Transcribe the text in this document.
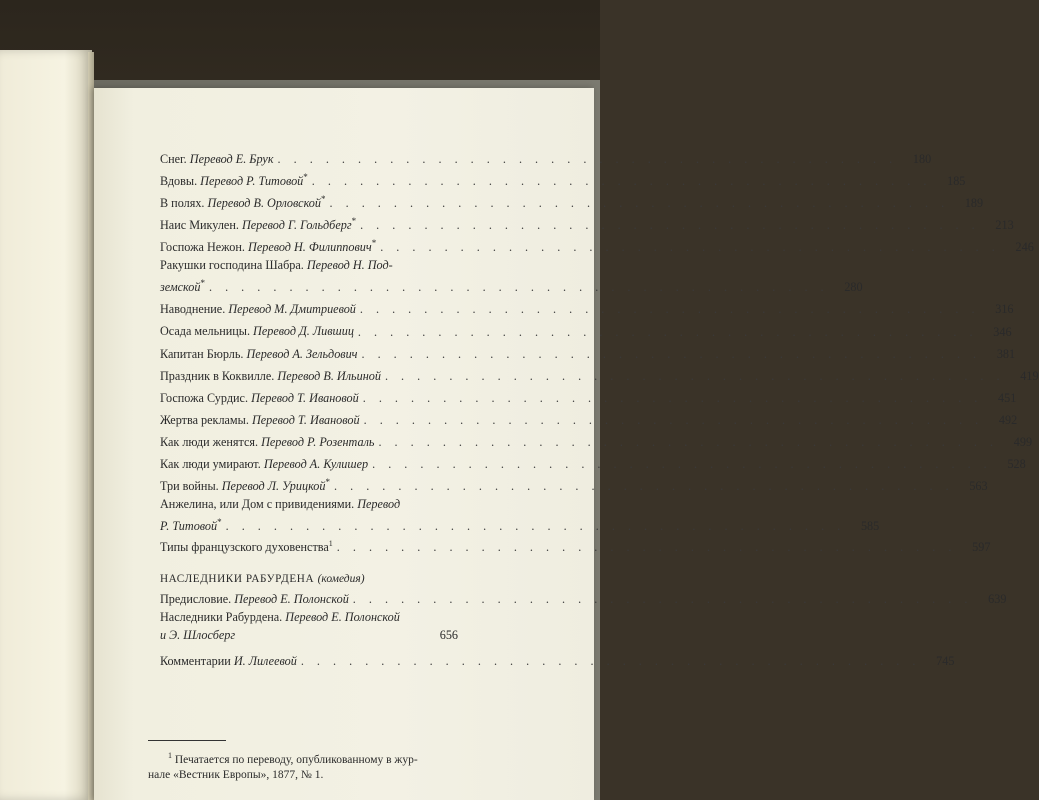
Снег. Перевод Е. Брук . . . . . . . . . . . . . . . . . . . . . . . . . . . . . . . . . . . . . . .	180
Вдовы. Перевод Р. Титовой* . . . . . . . . . . . . . . . . . . . . . . . . . . . . . . . . . . . . . . .	185
В полях. Перевод В. Орловской* . . . . . . . . . . . . . . . . . . . . . . . . . . . . . . . . . . . . . . .	189
Наис Микулен. Перевод Г. Гольдберг* . . . . . . . . . . . . . . . . . . . . . . . . . . . . . . . . . . . . . . .	213
Госпожа Нежон. Перевод Н. Филиппович* . . . . . . . . . . . . . . . . . . . . . . . . . . . . . . . . . . . . . . .	246
Ракушки господина Шабра. Перевод Н. Под-
земской* . . . . . . . . . . . . . . . . . . . . . . . . . . . . . . . . . . . . . . .	280
Наводнение. Перевод М. Дмитриевой . . . . . . . . . . . . . . . . . . . . . . . . . . . . . . . . . . . . . . .	316
Осада мельницы. Перевод Д. Лившиц . . . . . . . . . . . . . . . . . . . . . . . . . . . . . . . . . . . . . . .	346
Капитан Бюрль. Перевод А. Зельдович . . . . . . . . . . . . . . . . . . . . . . . . . . . . . . . . . . . . . . .	381
Праздник в Коквилле. Перевод В. Ильиной . . . . . . . . . . . . . . . . . . . . . . . . . . . . . . . . . . . . . . .	419
Госпожа Сурдис. Перевод Т. Ивановой . . . . . . . . . . . . . . . . . . . . . . . . . . . . . . . . . . . . . . .	451
Жертва рекламы. Перевод Т. Ивановой . . . . . . . . . . . . . . . . . . . . . . . . . . . . . . . . . . . . . . .	492
Как люди женятся. Перевод Р. Розенталь . . . . . . . . . . . . . . . . . . . . . . . . . . . . . . . . . . . . . . .	499
Как люди умирают. Перевод А. Кулишер . . . . . . . . . . . . . . . . . . . . . . . . . . . . . . . . . . . . . . .	528
Три войны. Перевод Л. Урицкой* . . . . . . . . . . . . . . . . . . . . . . . . . . . . . . . . . . . . . . .	563
Анжелина, или Дом с привидениями. Перевод
Р. Титовой* . . . . . . . . . . . . . . . . . . . . . . . . . . . . . . . . . . . . . . .	585
Типы французского духовенства$^1$ . . . . . . . . . . . . . . . . . . . . . . . . . . . . . . . . . . . . . . .	597
НАСЛЕДНИКИ РАБУРДЕНА (комедия)
Предисловие. Перевод Е. Полонской . . . . . . . . . . . . . . . . . . . . . . . . . . . . . . . . . . . . . . .	639
Наследники Рабурдена. Перевод Е. Полонской
и Э. Шлосберг	656
Комментарии И. Лилеевой . . . . . . . . . . . . . . . . . . . . . . . . . . . . . . . . . . . . . . .	745
$^1$ Печатается по переводу, опубликованному в жур-
нале «Вестник Европы», 1877, № 1.
